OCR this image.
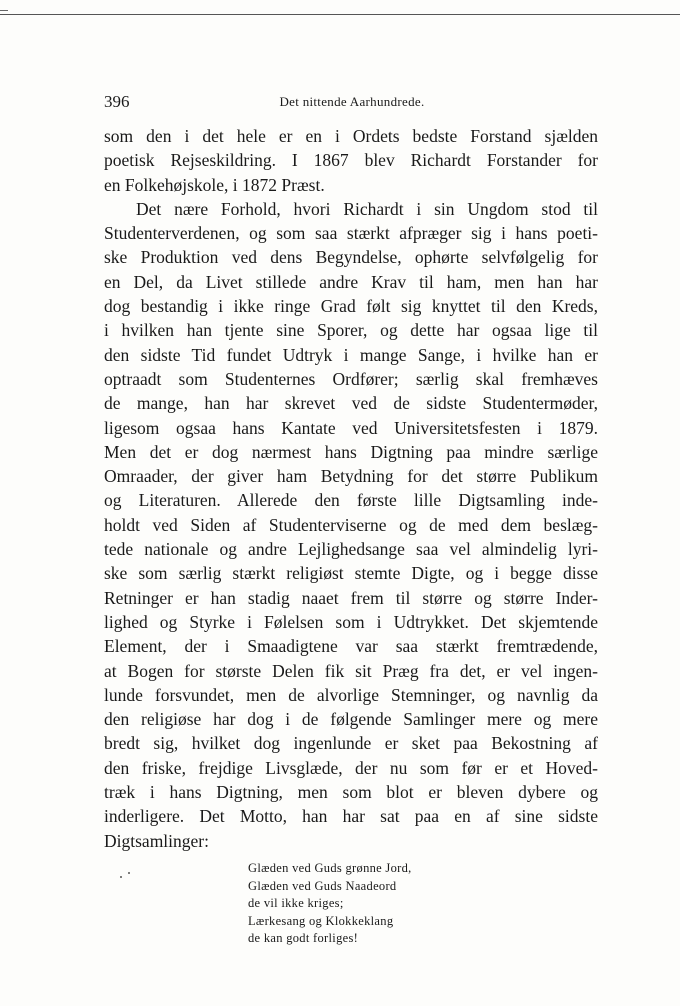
396	Det nittende Aarhundrede.
som den i det hele er en i Ordets bedste Forstand sjælden
poetisk Rejseskildring. I 1867 blev Richardt Forstander for
en Folkehøjskole, i 1872 Præst.
Det nære Forhold, hvori Richardt i sin Ungdom stod til
Studenterverdenen, og som saa stærkt afpræger sig i hans poeti-
ske Produktion ved dens Begyndelse, ophørte selvfølgelig for
en Del, da Livet stillede andre Krav til ham, men han har
dog bestandig i ikke ringe Grad følt sig knyttet til den Kreds,
i hvilken han tjente sine Sporer, og dette har ogsaa lige til
den sidste Tid fundet Udtryk i mange Sange, i hvilke han er
optraadt som Studenternes Ordfører; særlig skal fremhæves
de mange, han har skrevet ved de sidste Studentermøder,
ligesom ogsaa hans Kantate ved Universitetsfesten i 1879.
Men det er dog nærmest hans Digtning paa mindre særlige
Omraader, der giver ham Betydning for det større Publikum
og Literaturen. Allerede den første lille Digtsamling inde-
holdt ved Siden af Studenterviserne og de med dem beslæg-
tede nationale og andre Lejlighedsange saa vel almindelig lyri-
ske som særlig stærkt religiøst stemte Digte, og i begge disse
Retninger er han stadig naaet frem til større og større Inder-
lighed og Styrke i Følelsen som i Udtrykket. Det skjemtende
Element, der i Smaadigtene var saa stærkt fremtrædende,
at Bogen for største Delen fik sit Præg fra det, er vel ingen-
lunde forsvundet, men de alvorlige Stemninger, og navnlig da
den religiøse har dog i de følgende Samlinger mere og mere
bredt sig, hvilket dog ingenlunde er sket paa Bekostning af
den friske, frejdige Livsglæde, der nu som før er et Hoved-
træk i hans Digtning, men som blot er bleven dybere og
inderligere. Det Motto, han har sat paa en af sine sidste
Digtsamlinger:
Glæden ved Guds grønne Jord,
Glæden ved Guds Naadeord
de vil ikke kriges;
Lærkesang og Klokkeklang
de kan godt forliges!
